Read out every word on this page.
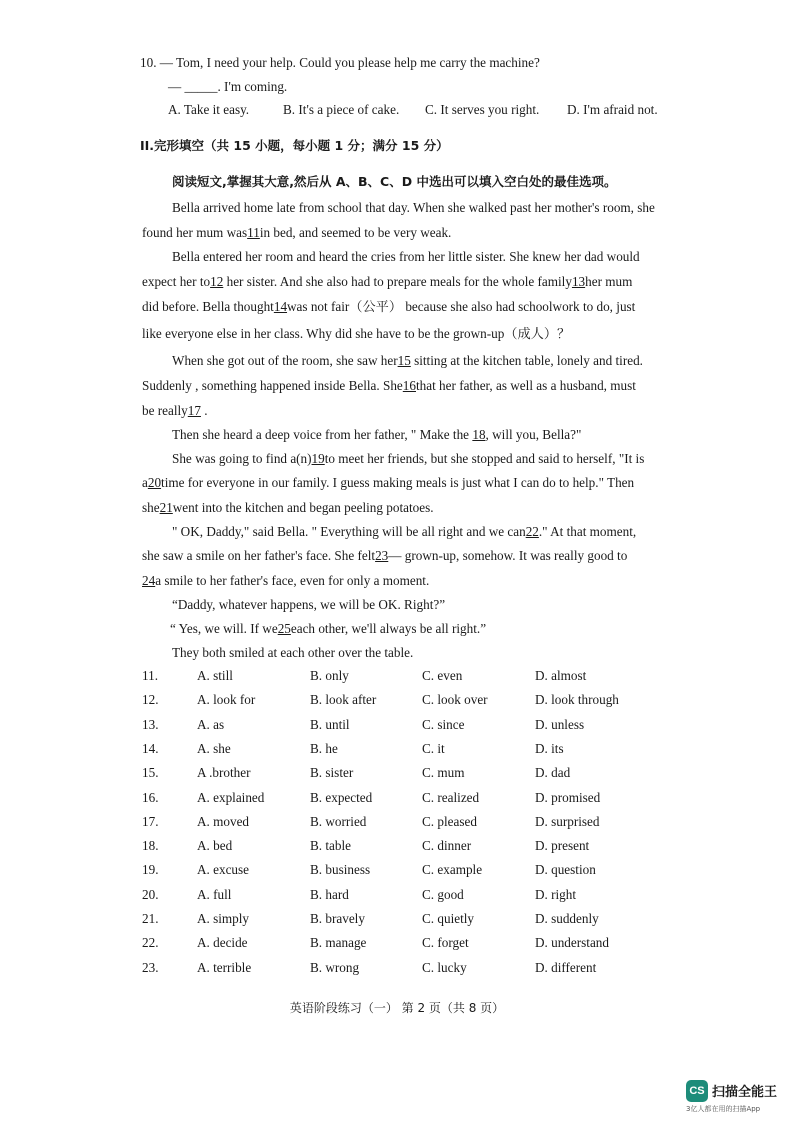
10. — Tom, I need your help. Could you please help me carry the machine?
— _____. I'm coming.
A. Take it easy.	B. It's a piece of cake. C. It serves you right. D. I'm afraid not.
II.完形填空（共 15 小题，每小题 1 分；满分 15 分）
阅读短文,掌握其大意,然后从 A、B、C、D 中选出可以填入空白处的最佳选项。
Bella arrived home late from school that day. When she walked past her mother's room, she
found her mum was11in bed, and seemed to be very weak.
Bella entered her room and heard the cries from her little sister. She knew her dad would
expect her to12 her sister. And she also had to prepare meals for the whole family13her mum
did before. Bella thought14was not fair（公平） because she also had schoolwork to do, just
like everyone else in her class. Why did she have to be the grown-up（成人）？
When she got out of the room, she saw her15 sitting at the kitchen table, lonely and tired.
Suddenly , something happened inside Bella. She16that her father, as well as a husband, must
be really17 .
Then she heard a deep voice from her father, " Make the 18, will you, Bella?"
She was going to find a(n)19to meet her friends, but she stopped and said to herself, "It is
a20time for everyone in our family. I guess making meals is just what I can do to help." Then
she21went into the kitchen and began peeling potatoes.
" OK, Daddy," said Bella. " Everything will be all right and we can22." At that moment,
she saw a smile on her father's face. She felt23— grown-up, somehow. It was really good to
24a smile to her father's face, even for only a moment.
“Daddy, whatever happens, we will be OK. Right?”
“ Yes, we will. If we25each other, we'll always be all right.”
They both smiled at each other over the table.
11.	A. still	B. only	C. even	D. almost
12.	A. look for	B. look after	C. look over	D. look through
13.	A. as	B. until	C. since	D. unless
14.	A. she	B. he	C. it	D. its
15.	A .brother	B. sister	C. mum	D. dad
16.	A. explained	B. expected	C. realized	D. promised
17.	A. moved	B. worried	C. pleased	D. surprised
18.	A. bed	B. table	C. dinner	D. present
19.	A. excuse	B. business	C. example	D. question
20.	A. full	B. hard	C. good	D. right
21.	A. simply	B. bravely	C. quietly	D. suddenly
22.	A. decide	B. manage	C. forget	D. understand
23.	A. terrible	B. wrong	C. lucky	D. different
英语阶段练习（一） 第 2 页（共 8 页）
CS 扫描全能王
3亿人都在用的扫描App
